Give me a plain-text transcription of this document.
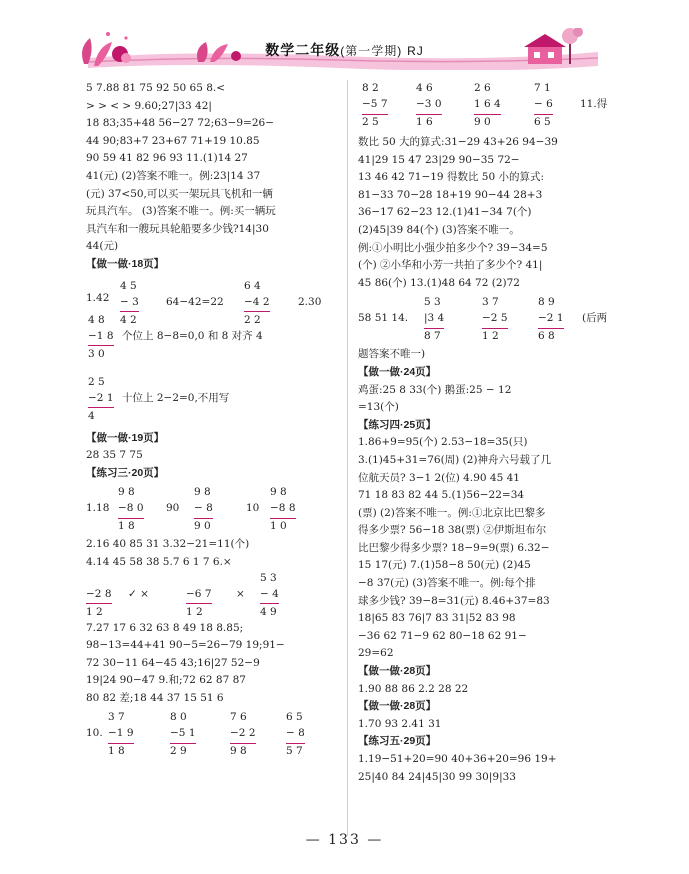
数学二年级(第一学期) RJ
5 7.88 81 75 92 50 65 8.<
> > < > 9.60;27|33 42|
18 83;35+48 56−27 72;63−9=26−
44 90;83+7 23+67 71+19 10.85
90 59 41 82 96 93 11.(1)14 27
41(元) (2)答案不唯一。例:23|14 37
(元) 37<50,可以买一架玩具飞机和一辆
玩具汽车。 (3)答案不唯一。例:买一辆玩
具汽车和一艘玩具轮船要多少钱?14|30
44(元)
【做一做·18页】
1.42
4 5
− 3
4 2
64−42=22
6 4
−4 2
2 2
2.30
4 8
−1 8
3 0
个位上 8−8=0,0 和 8 对齐 4
2 5
−2 1
4
十位上 2−2=0,不用写
【做一做·19页】
28 35 7 75
【练习三·20页】
1.18
9 8
−8 0
1 8
90
9 8
− 8
9 0
10
9 8
−8 8
1 0
2.16 40 85 31 3.32−21=11(个)
4.14 45 58 38 5.7 6 1 7 6.×
−2 8
1 2
✓ ×	−6 7
1 2
×
5 3
− 4
4 9
7.27 17 6 32 63 8 49 18 8.85;
98−13=44+41 90−5=26−79 19;91−
72 30−11 64−45 43;16|27 52−9
19|24 90−47 9.和;72 62 87 87
80 82 差;18 44 37 15 51 6
10.
3 7
−1 9
1 8
8 0
−5 1
2 9
7 6
−2 2
9 8
6 5
− 8
5 7
8 2
−5 7
2 5
4 6
−3 0
1 6
2 6
1 6 4
9 0
7 1
− 6
6 5
11.得
数比 50 大的算式:31−29 43+26 94−39
41|29 15 47 23|29 90−35 72−
13 46 42 71−19 得数比 50 小的算式:
81−33 70−28 18+19 90−44 28+3
36−17 62−23 12.(1)41−34 7(个)
(2)45|39 84(个) (3)答案不唯一。
例:①小明比小强少拍多少个? 39−34=5
(个) ②小华和小芳一共拍了多少个? 41|
45 86(个) 13.(1)48 64 72 (2)72
58 51 14.
5 3
|3 4
8 7
3 7
−2 5
1 2
8 9
−2 1
6 8
(后两
题答案不唯一)
【做一做·24页】
鸡蛋:25 8 33(个) 鹅蛋:25 − 12
=13(个)
【练习四·25页】
1.86+9=95(个) 2.53−18=35(只)
3.(1)45+31=76(周) (2)神舟六号载了几
位航天员? 3−1 2(位) 4.90 45 41
71 18 83 82 44 5.(1)56−22=34
(票) (2)答案不唯一。例:①北京比巴黎多
得多少票? 56−18 38(票) ②伊斯坦布尔
比巴黎少得多少票? 18−9=9(票) 6.32−
15 17(元) 7.(1)58−8 50(元) (2)45
−8 37(元) (3)答案不唯一。例:每个排
球多少钱? 39−8=31(元) 8.46+37=83
18|65 83 76|7 83 31|52 83 98
−36 62 71−9 62 80−18 62 91−
29=62
【做一做·28页】
1.90 88 86 2.2 28 22
【做一做·28页】
1.70 93 2.41 31
【练习五·29页】
1.19−51+20=90 40+36+20=96 19+
25|40 84 24|45|30 99 30|9|33
— 133 —
